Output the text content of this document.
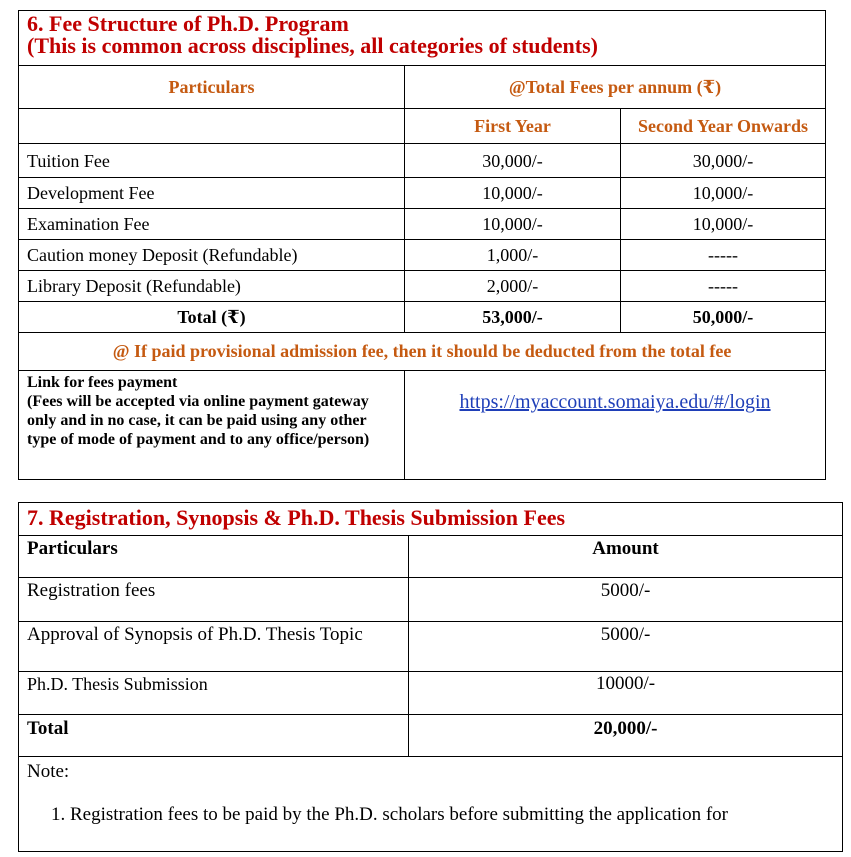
6. Fee Structure of Ph.D. Program
(This is common across disciplines, all categories of students)		

Particulars	@Total Fees per annum (₹)	
	First Year	Second Year Onwards
Tuition Fee	30,000/-	30,000/-
Development Fee	10,000/-	10,000/-
Examination Fee	10,000/-	10,000/-
Caution money Deposit (Refundable)	1,000/-	-----
Library Deposit (Refundable)	2,000/-	-----
Total (₹)	53,000/-	50,000/-
@ If paid provisional admission fee, then it should be deducted from the total fee		

Link for fees payment
(Fees will be accepted via online payment gateway only and in no case, it can be paid using any other type of mode of payment and to any office/person)	https://myaccount.somaiya.edu/#/login	
7. Registration, Synopsis & Ph.D. Thesis Submission Fees	
Particulars	Amount
Registration fees	5000/-
Approval of Synopsis of Ph.D. Thesis Topic	5000/-
Ph.D. Thesis Submission	10000/-
Total	20,000/-

Note:
1. Registration fees to be paid by the Ph.D. scholars before submitting the application for	
